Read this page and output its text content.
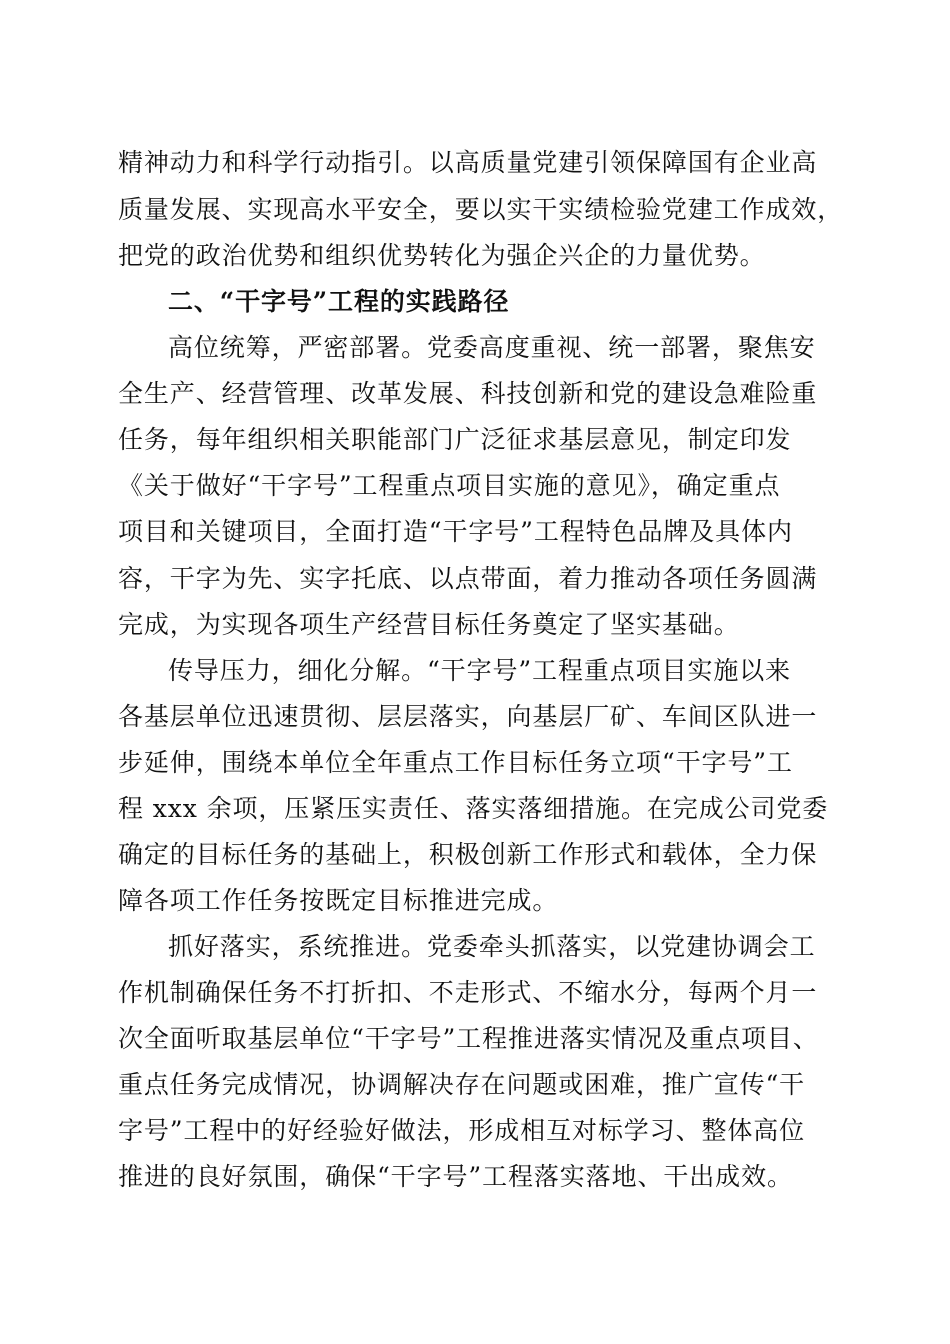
精神动力和科学行动指引。以高质量党建引领保障国有企业高
质量发展、实现高水平安全，要以实干实绩检验党建工作成效，
把党的政治优势和组织优势转化为强企兴企的力量优势。
二、“干字号”工程的实践路径
高位统筹，严密部署。党委高度重视、统一部署，聚焦安
全生产、经营管理、改革发展、科技创新和党的建设急难险重
任务，每年组织相关职能部门广泛征求基层意见，制定印发
《关于做好“干字号”工程重点项目实施的意见》，确定重点
项目和关键项目，全面打造“干字号”工程特色品牌及具体内
容，干字为先、实字托底、以点带面，着力推动各项任务圆满
完成，为实现各项生产经营目标任务奠定了坚实基础。
传导压力，细化分解。“干字号”工程重点项目实施以来
各基层单位迅速贯彻、层层落实，向基层厂矿、车间区队进一
步延伸，围绕本单位全年重点工作目标任务立项“干字号”工
程 xxx 余项，压紧压实责任、落实落细措施。在完成公司党委
确定的目标任务的基础上，积极创新工作形式和载体，全力保
障各项工作任务按既定目标推进完成。
抓好落实，系统推进。党委牵头抓落实，以党建协调会工
作机制确保任务不打折扣、不走形式、不缩水分，每两个月一
次全面听取基层单位“干字号”工程推进落实情况及重点项目、
重点任务完成情况，协调解决存在问题或困难，推广宣传“干
字号”工程中的好经验好做法，形成相互对标学习、整体高位
推进的良好氛围，确保“干字号”工程落实落地、干出成效。
